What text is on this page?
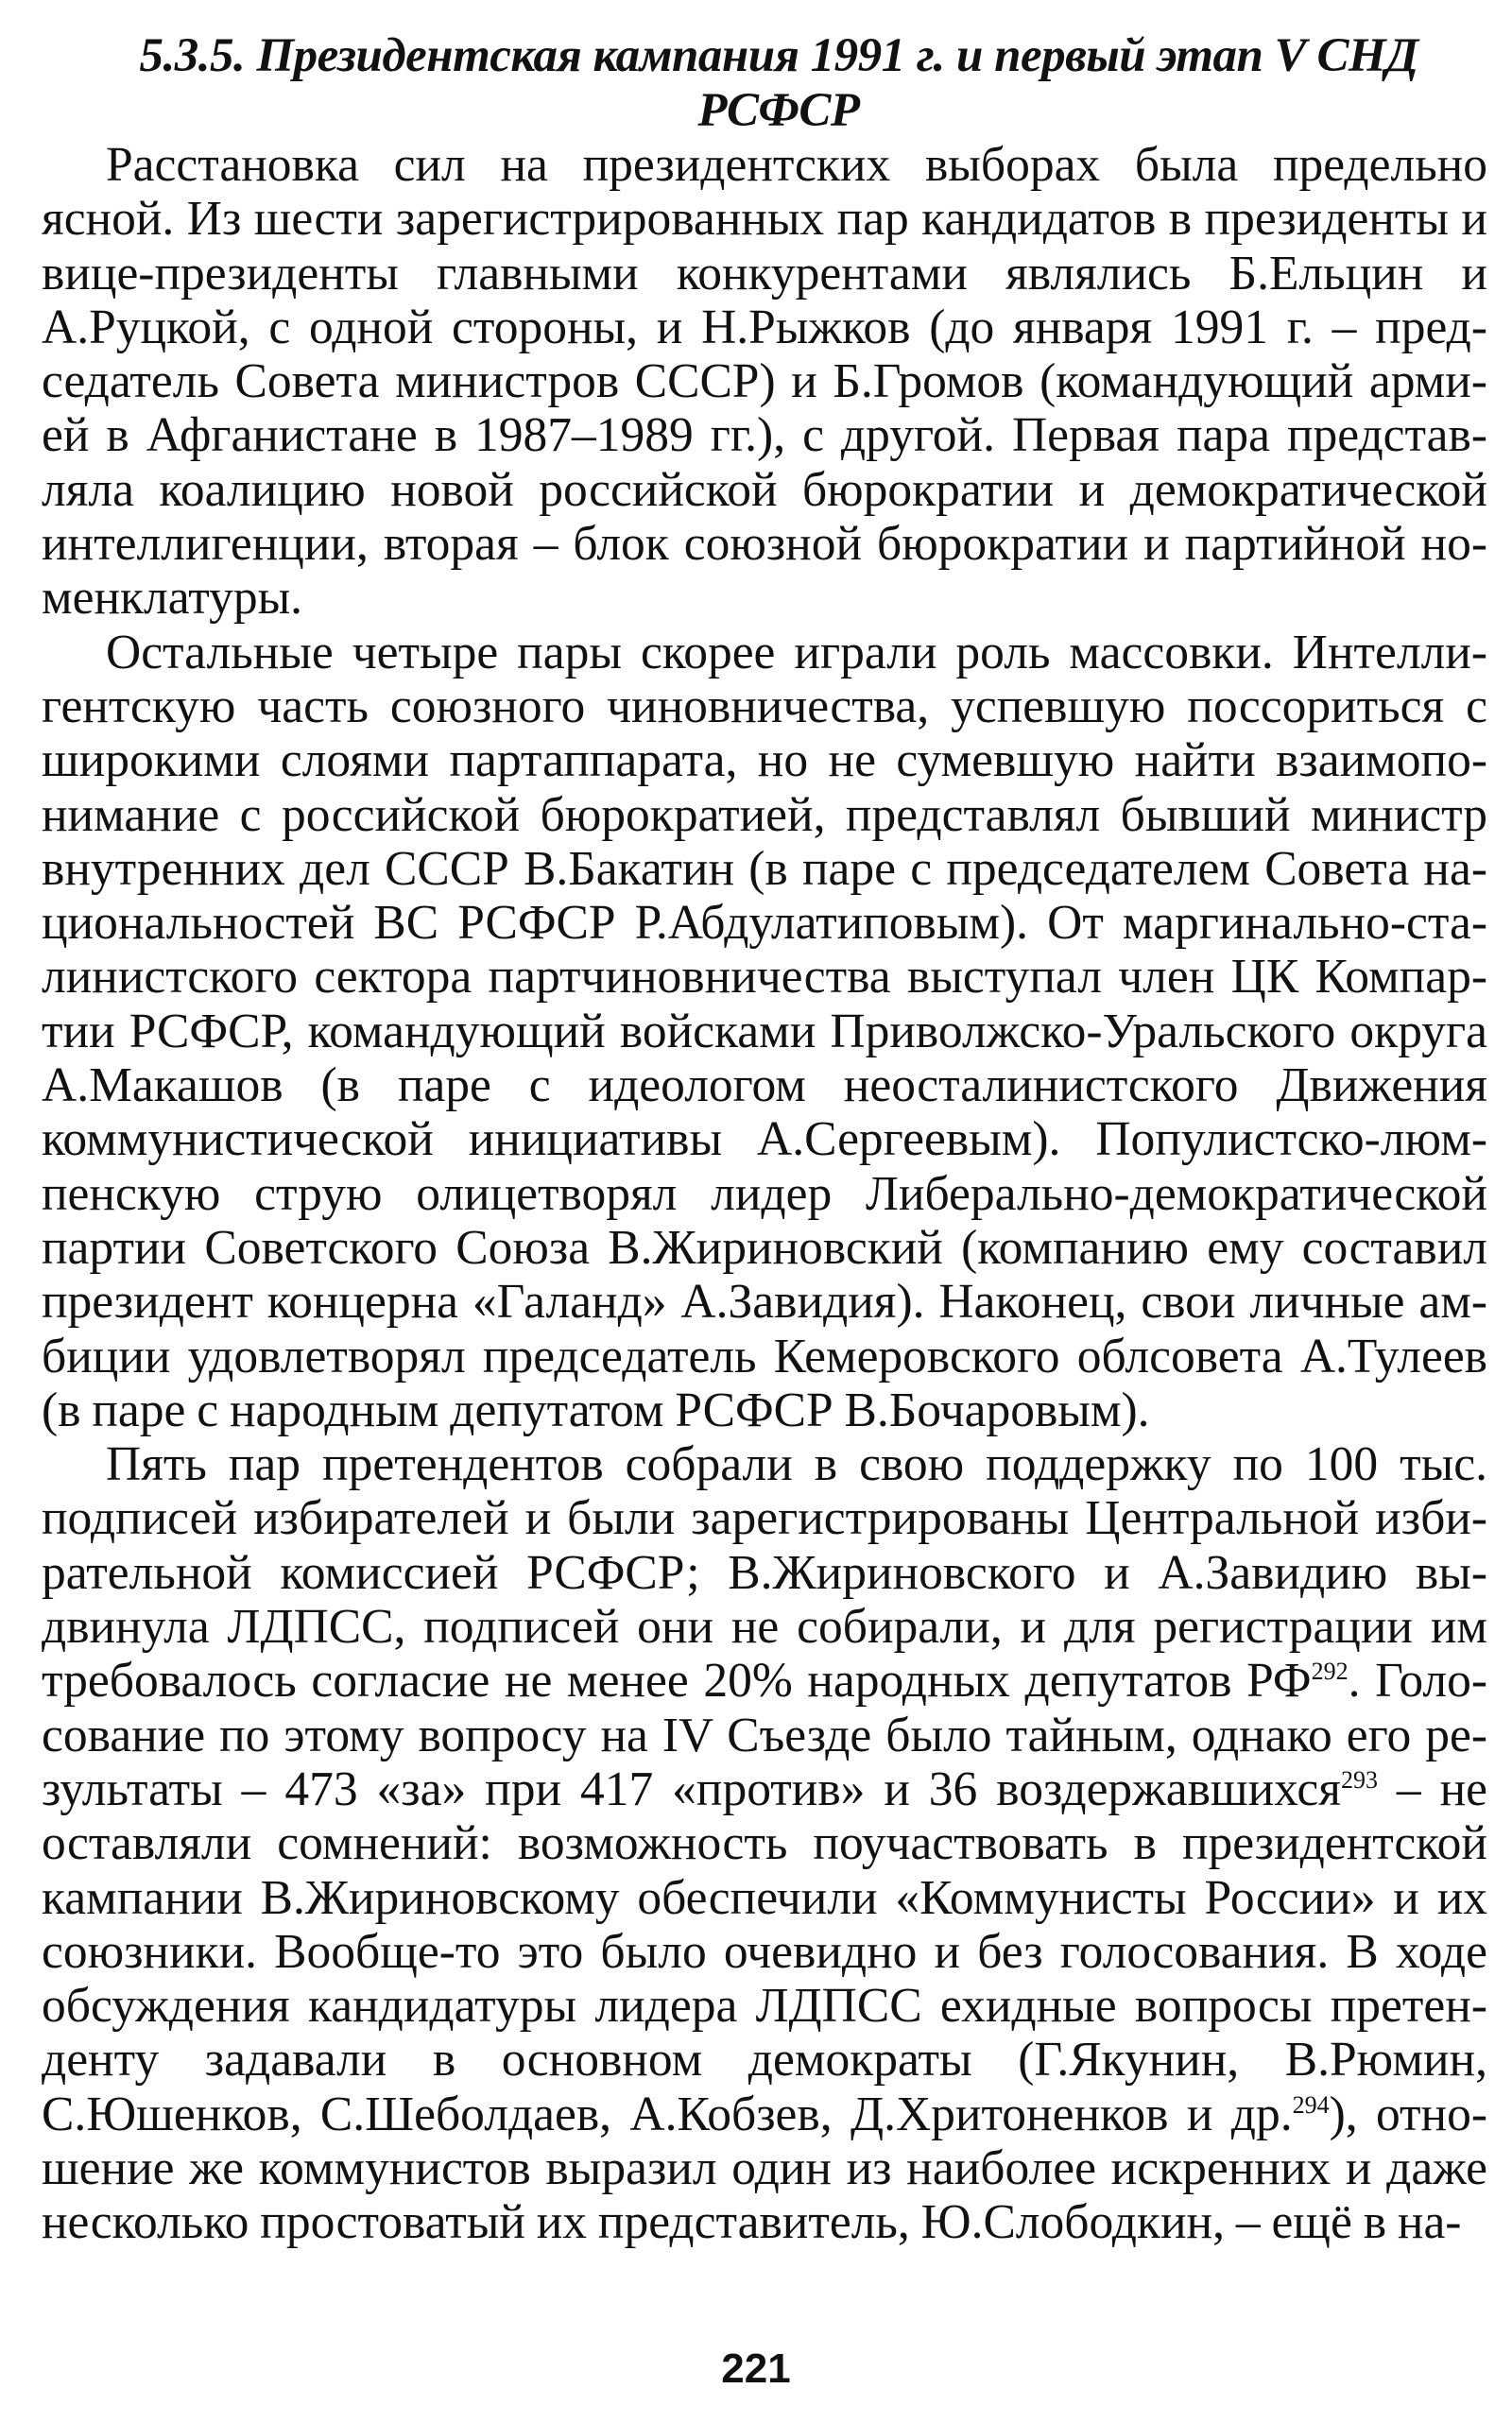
5.3.5. Президентская кампания 1991 г. и первый этап V СНД РСФСР

Расстановка сил на президентских выборах была предельно ясной. Из шести зарегистрированных пар кандидатов в президенты и вице-президенты главными конкурентами являлись Б.Ельцин и А.Руцкой, с одной стороны, и Н.Рыжков (до января 1991 г. – председатель Совета министров СССР) и Б.Громов (командующий армией в Афганистане в 1987–1989 гг.), с другой. Первая пара представляла коалицию новой российской бюрократии и демократической интеллигенции, вторая – блок союзной бюрократии и партийной номенклатуры.

Остальные четыре пары скорее играли роль массовки. Интеллигентскую часть союзного чиновничества, успевшую поссориться с широкими слоями партаппарата, но не сумевшую найти взаимопонимание с российской бюрократией, представлял бывший министр внутренних дел СССР В.Бакатин (в паре с председателем Совета национальностей ВС РСФСР Р.Абдулатиповым). От маргинально-сталинистского сектора партчиновничества выступал член ЦК Компартии РСФСР, командующий войсками Приволжско-Уральского округа А.Макашов (в паре с идеологом неосталинистского Движения коммунистической инициативы А.Сергеевым). Популистско-люмпенскую струю олицетворял лидер Либерально-демократической партии Советского Союза В.Жириновский (компанию ему составил президент концерна «Галанд» А.Завидия). Наконец, свои личные амбиции удовлетворял председатель Кемеровского облсовета А.Тулеев (в паре с народным депутатом РСФСР В.Бочаровым).

Пять пар претендентов собрали в свою поддержку по 100 тыс. подписей избирателей и были зарегистрированы Центральной избирательной комиссией РСФСР; В.Жириновского и А.Завидию выдвинула ЛДПСС, подписей они не собирали, и для регистрации им требовалось согласие не менее 20% народных депутатов РФ$^{292}$. Голосование по этому вопросу на IV Съезде было тайным, однако его результаты – 473 «за» при 417 «против» и 36 воздержавшихся$^{293}$ – не оставляли сомнений: возможность поучаствовать в президентской кампании В.Жириновскому обеспечили «Коммунисты России» и их союзники. Вообще-то это было очевидно и без голосования. В ходе обсуждения кандидатуры лидера ЛДПСС ехидные вопросы претенденту задавали в основном демократы (Г.Якунин, В.Рюмин, С.Юшенков, С.Шеболдаев, А.Кобзев, Д.Хритоненков и др.$^{294}$), отношение же коммунистов выразил один из наиболее искренних и даже несколько простоватый их представитель, Ю.Слободкин, – ещё в на-

221
